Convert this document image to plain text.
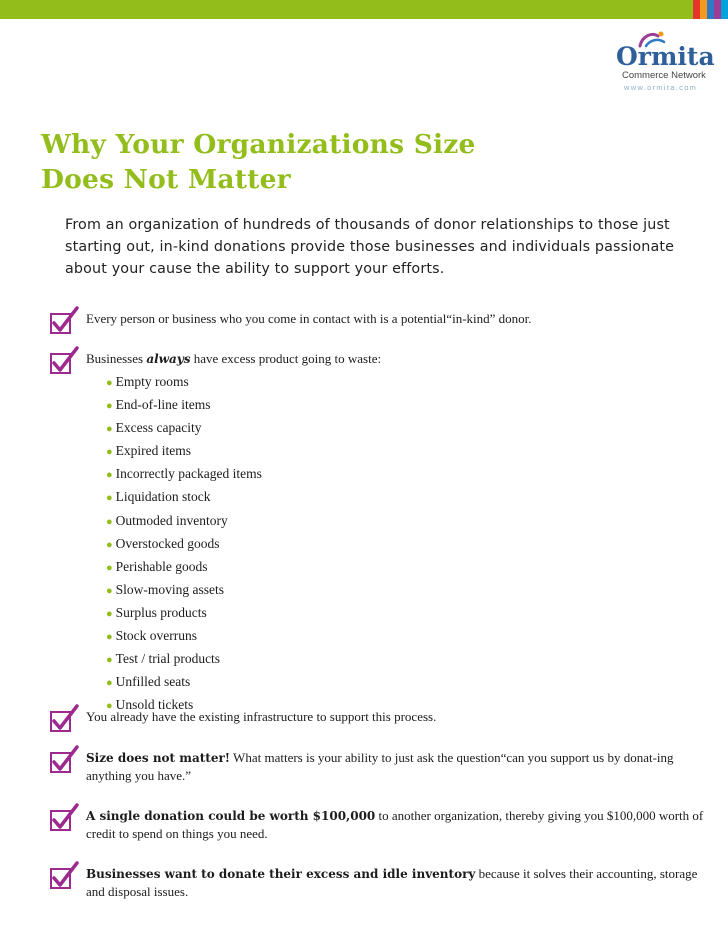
Ormita
Commerce Network
www.ormita.com
Why Your Organizations Size
Does Not Matter

From an organization of hundreds of thousands of donor relationships to those just starting out, in-kind donations provide those businesses and individuals passionate about your cause the ability to support your efforts.

Every person or business who you come in contact with is a potential“in-kind” donor.
Businesses always have excess product going to waste:
● Empty rooms
● End-of-line items
● Excess capacity
● Expired items
● Incorrectly packaged items
● Liquidation stock
● Outmoded inventory
● Overstocked goods
● Perishable goods
● Slow-moving assets
● Surplus products
● Stock overruns
● Test / trial products
● Unfilled seats
● Unsold tickets
You already have the existing infrastructure to support this process.
Size does not matter! What matters is your ability to just ask the question“can you support us by donat-ing anything you have.”
A single donation could be worth $100,000 to another organization, thereby giving you $100,000 worth of credit to spend on things you need.
Businesses want to donate their excess and idle inventory because it solves their accounting, storage and disposal issues.
